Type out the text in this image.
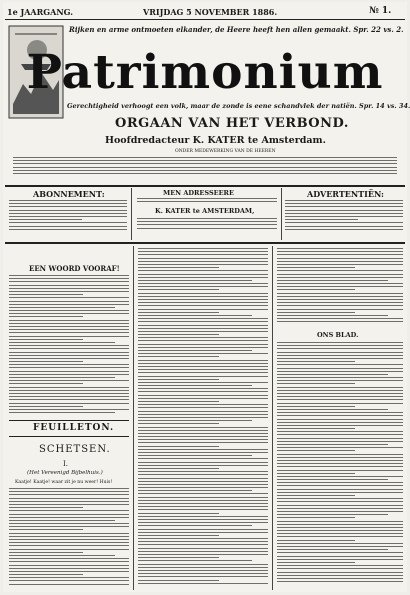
1e JAARGANG.	VRIJDAG 5 NOVEMBER 1886.	№ 1.
Rijken en arme ontmoeten elkander, de Heere heeft hen allen gemaakt. Spr. 22 vs. 2.
Patrimonium
Gerechtigheid verhoogt een volk, maar de zonde is eene schandvlek der natiën. Spr. 14 vs. 34.
ORGAAN VAN HET VERBOND.
Hoofdredacteur K. KATER te Amsterdam.
ONDER MEDEWERKING VAN DE HEEREN
ABONNEMENT:	MEN ADRESSEERE
K. KATER te AMSTERDAM,
ADVERTENTIËN:
EEN WOORD VOORAF!
FEUILLETON.
SCHETSEN.
I.
(Het Vereenigd Bijbelhuis.)
Kaatje! Kaatje! waar zit je nu weer! Huis!
ONS BLAD.
